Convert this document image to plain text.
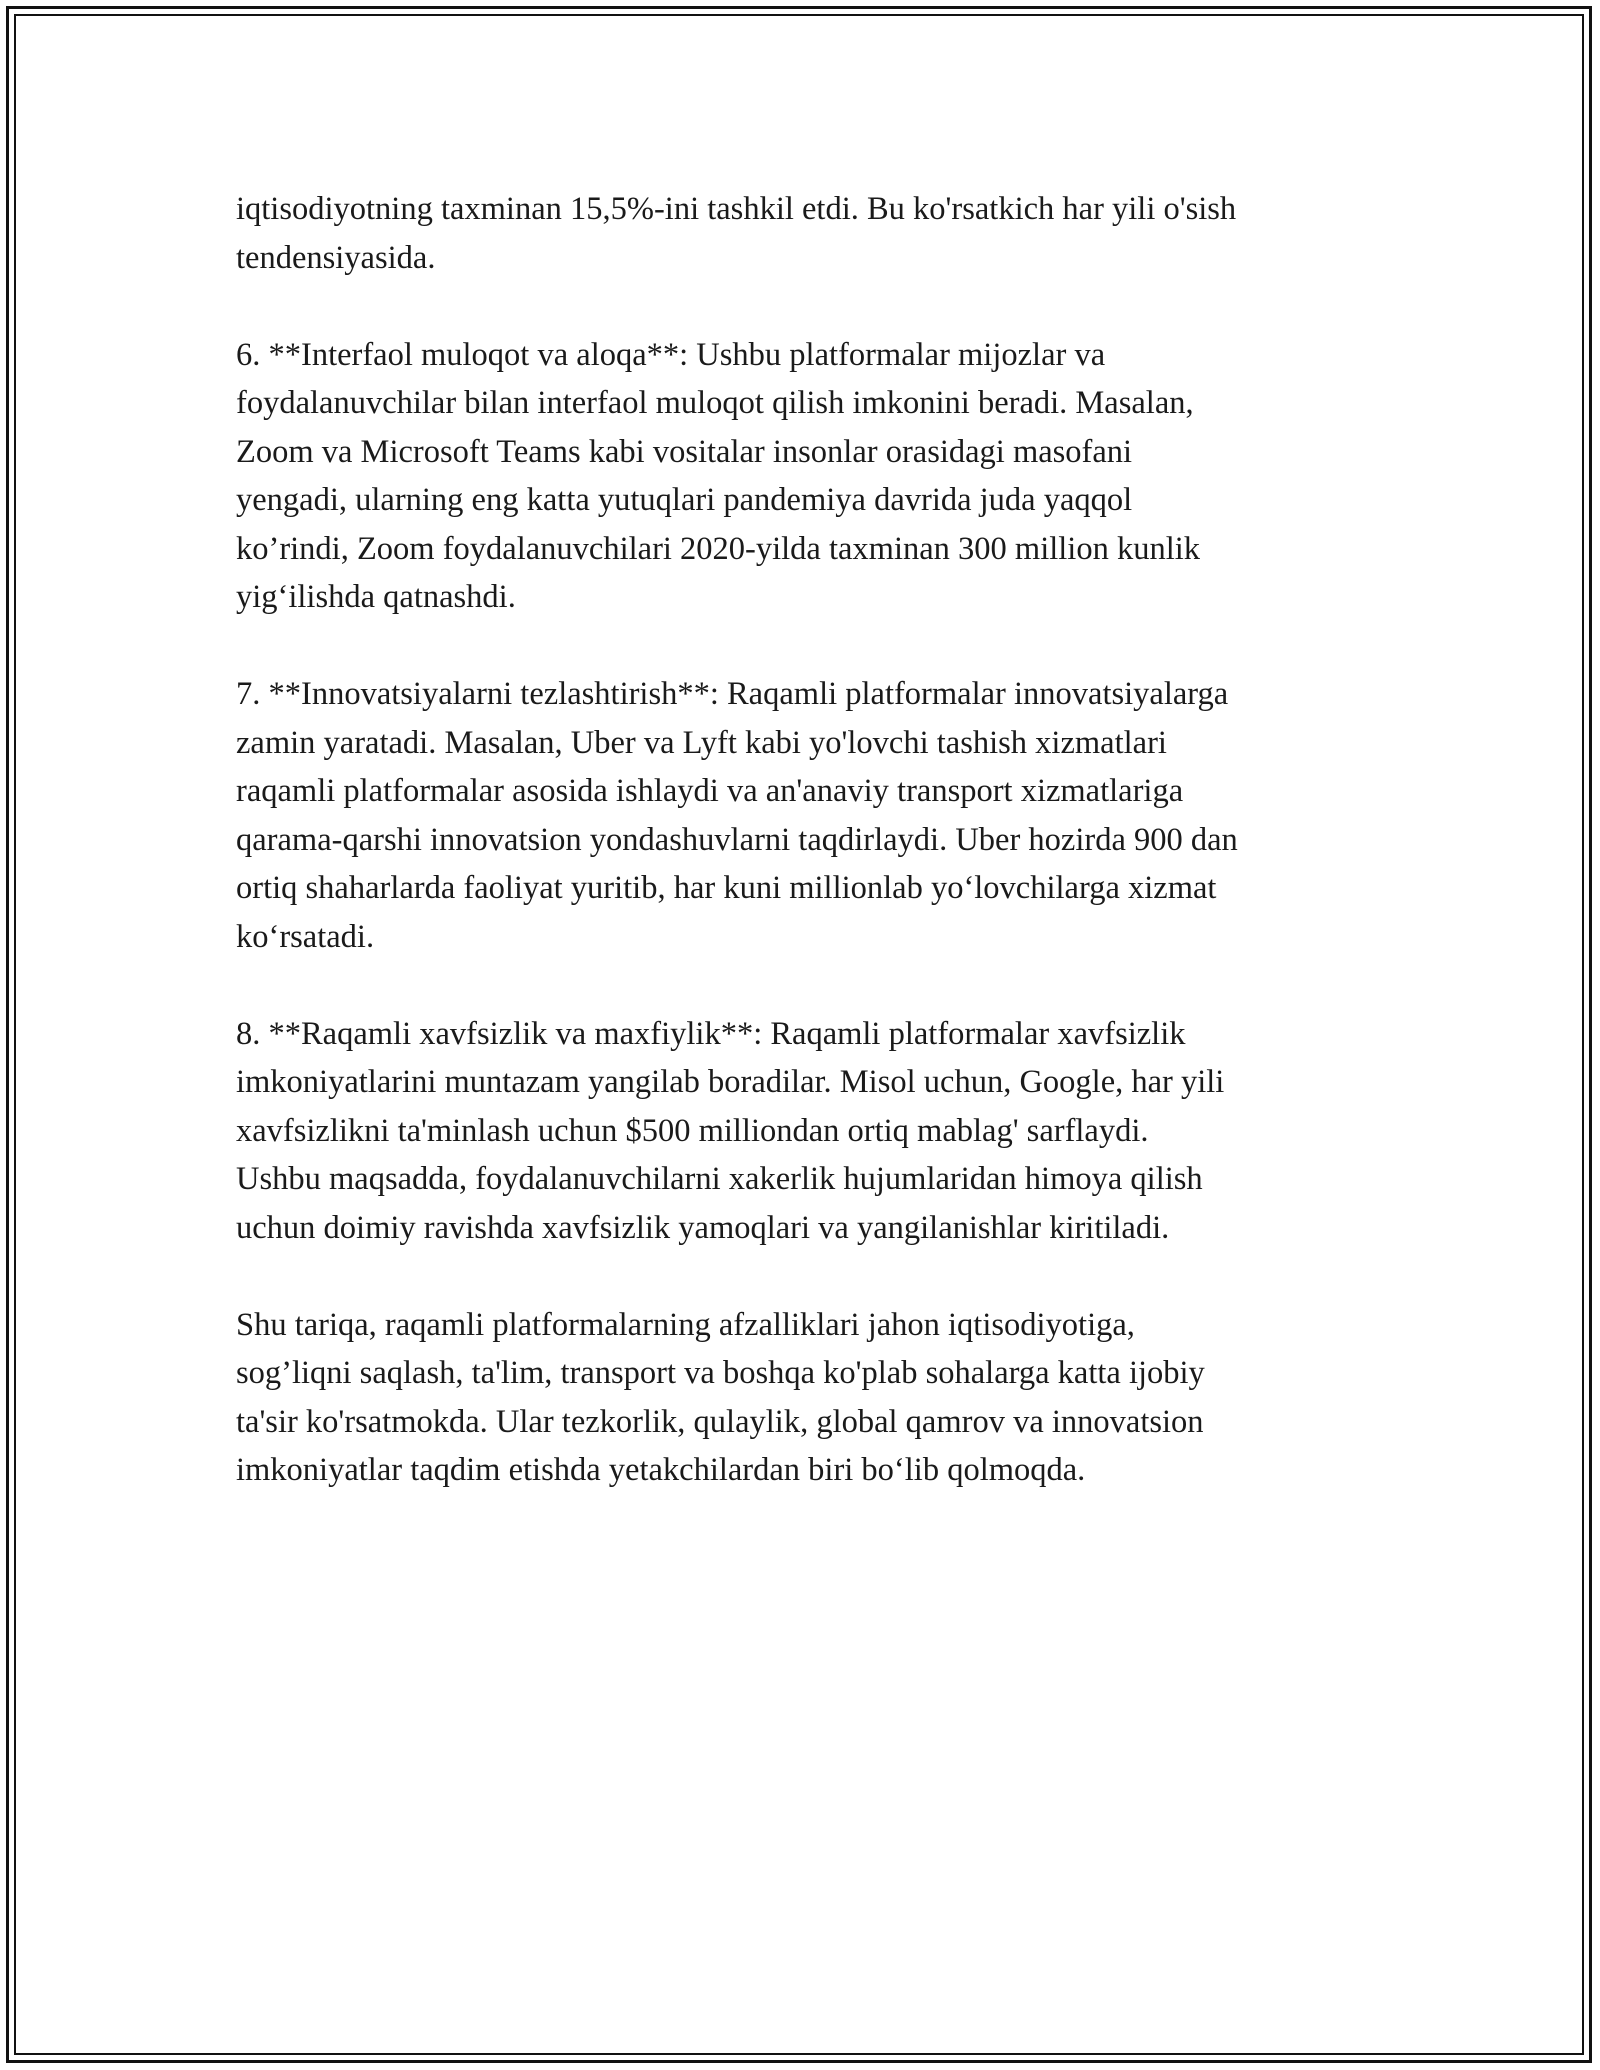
iqtisodiyotning taxminan 15,5%-ini tashkil etdi. Bu ko'rsatkich har yili o'sish
tendensiyasida.

6. **Interfaol muloqot va aloqa**: Ushbu platformalar mijozlar va
foydalanuvchilar bilan interfaol muloqot qilish imkonini beradi. Masalan,
Zoom va Microsoft Teams kabi vositalar insonlar orasidagi masofani
yengadi, ularning eng katta yutuqlari pandemiya davrida juda yaqqol
ko’rindi, Zoom foydalanuvchilari 2020-yilda taxminan 300 million kunlik
yig‘ilishda qatnashdi.

7. **Innovatsiyalarni tezlashtirish**: Raqamli platformalar innovatsiyalarga
zamin yaratadi. Masalan, Uber va Lyft kabi yo'lovchi tashish xizmatlari
raqamli platformalar asosida ishlaydi va an'anaviy transport xizmatlariga
qarama-qarshi innovatsion yondashuvlarni taqdirlaydi. Uber hozirda 900 dan
ortiq shaharlarda faoliyat yuritib, har kuni millionlab yo‘lovchilarga xizmat
ko‘rsatadi.

8. **Raqamli xavfsizlik va maxfiylik**: Raqamli platformalar xavfsizlik
imkoniyatlarini muntazam yangilab boradilar. Misol uchun, Google, har yili
xavfsizlikni ta'minlash uchun $500 milliondan ortiq mablag' sarflaydi.
Ushbu maqsadda, foydalanuvchilarni xakerlik hujumlaridan himoya qilish
uchun doimiy ravishda xavfsizlik yamoqlari va yangilanishlar kiritiladi.

Shu tariqa, raqamli platformalarning afzalliklari jahon iqtisodiyotiga,
sog’liqni saqlash, ta'lim, transport va boshqa ko'plab sohalarga katta ijobiy
ta'sir ko'rsatmokda. Ular tezkorlik, qulaylik, global qamrov va innovatsion
imkoniyatlar taqdim etishda yetakchilardan biri bo‘lib qolmoqda.
